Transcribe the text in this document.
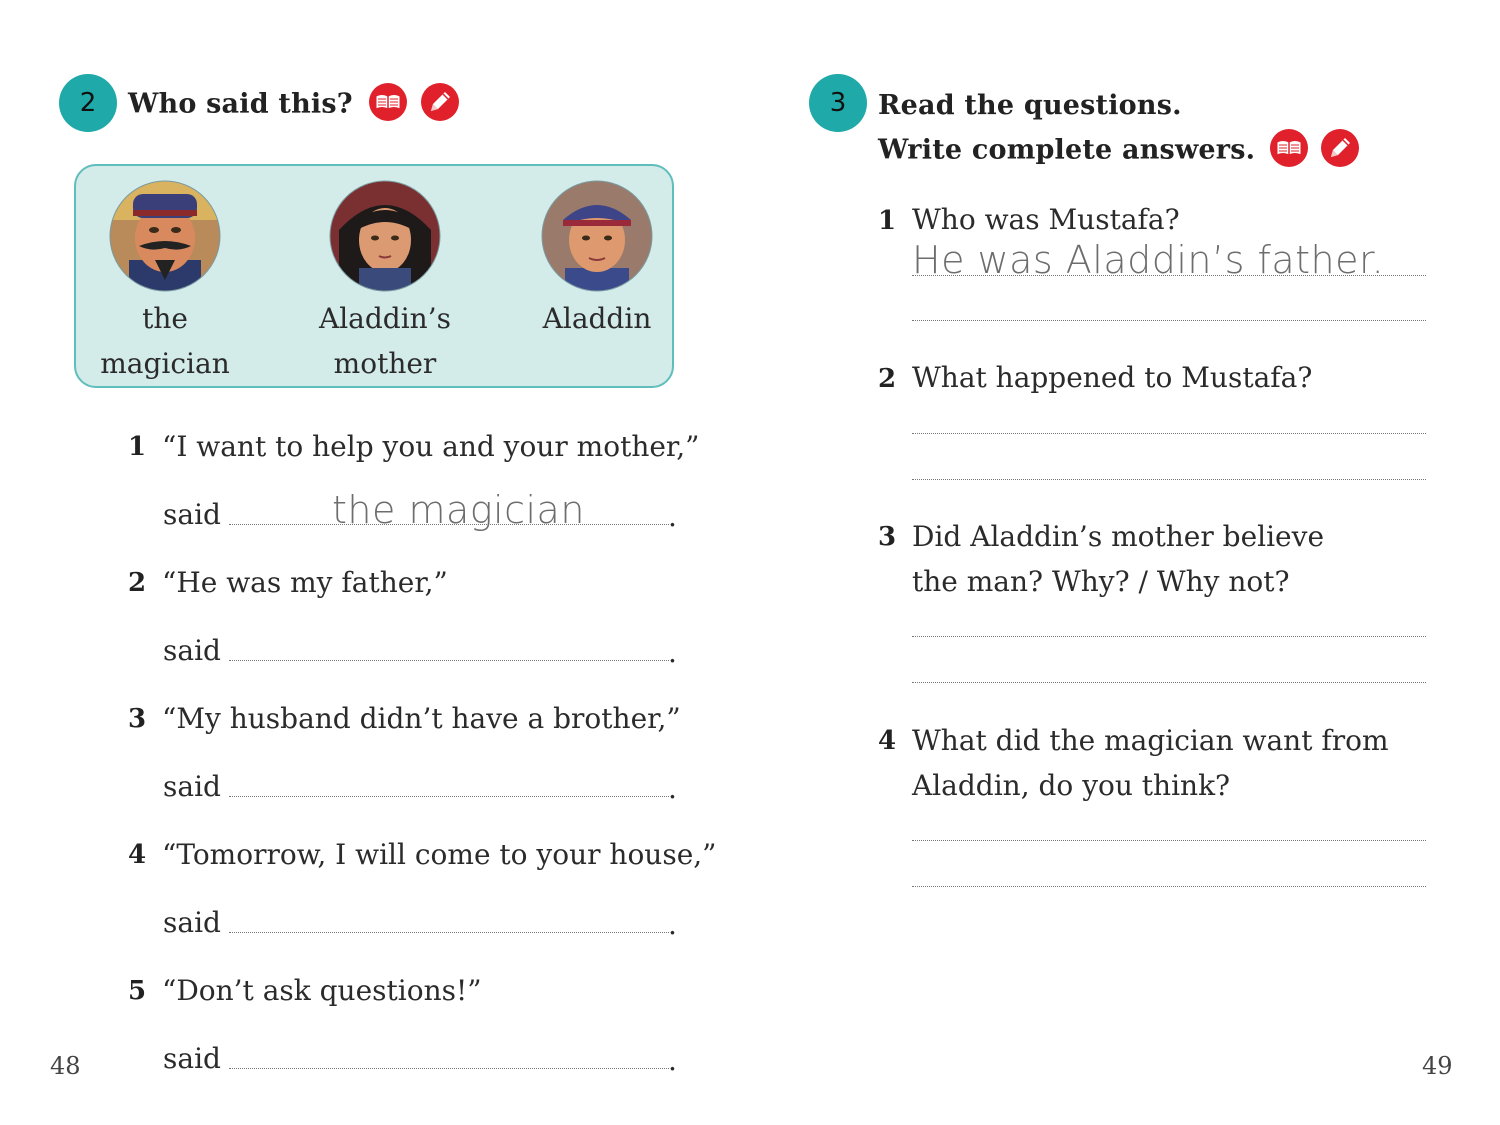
2 Who said this?
the
magician
Aladdin’s
mother
Aladdin
1 “I want to help you and your mother,”
said	the magician	.
2 “He was my father,”
said	.
3 “My husband didn’t have a brother,”
said	.
4 “Tomorrow, I will come to your house,”
said	.
5 “Don’t ask questions!”
said	.
48
3 Read the questions.
Write complete answers.
1 Who was Mustafa?
He was Aladdin’s father.
2 What happened to Mustafa?
3 Did Aladdin’s mother believe
the man? Why? / Why not?
4 What did the magician want from
Aladdin, do you think?
49
